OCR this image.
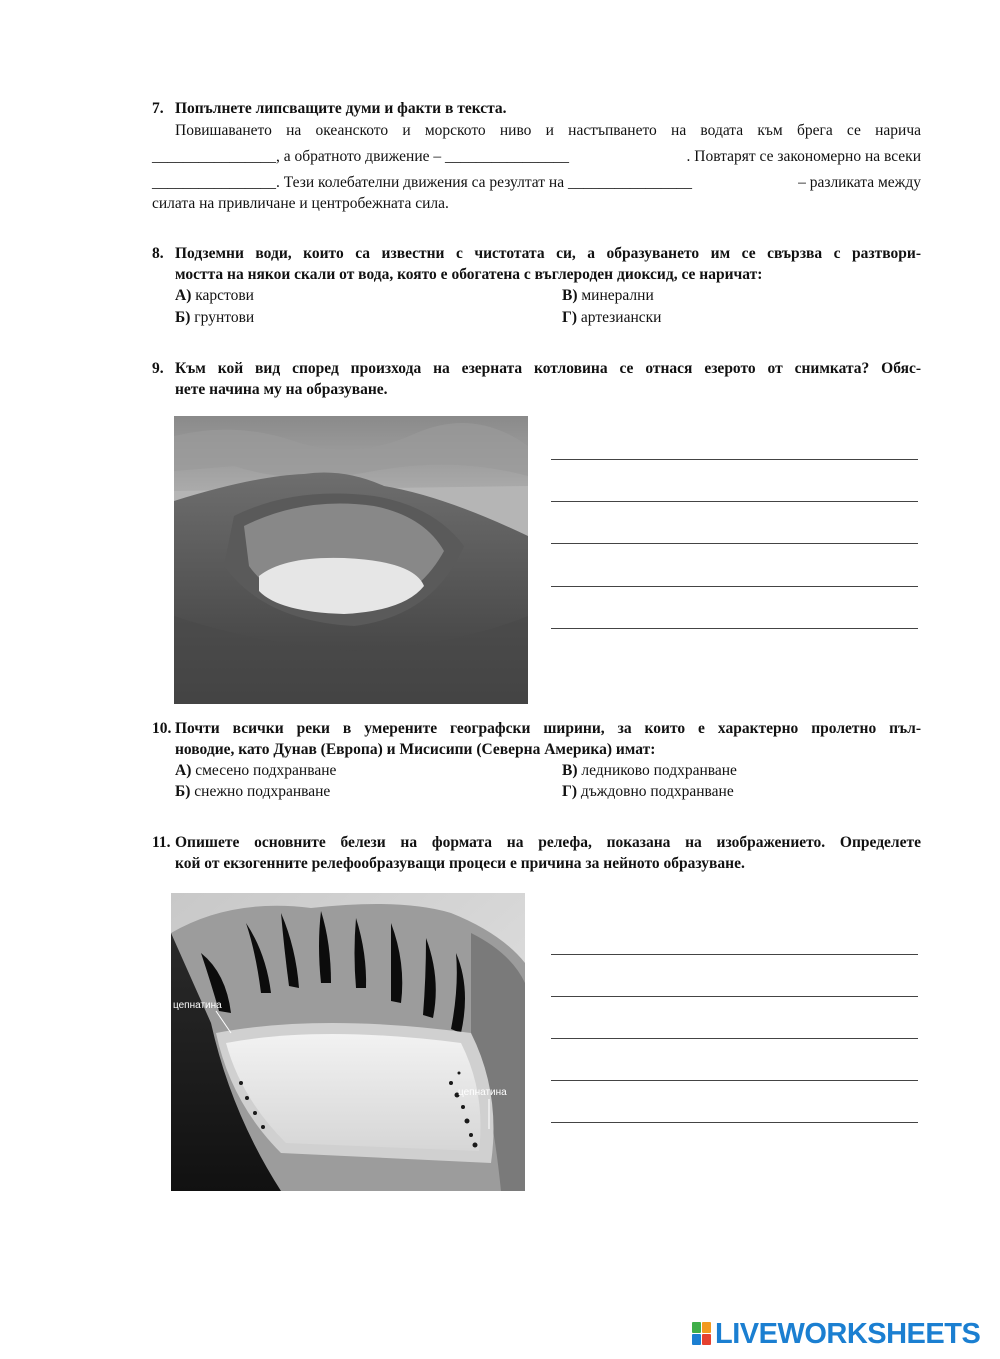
7. Попълнете липсващите думи и факти в текста.
Повишаването на океанското и морското ниво и настъпването на водата към брега се нарича
________________, а обратното движение – ________________	. Повтарят се закономерно на всеки
________________. Тези колебателни движения са резултат на ________________	– разликата между
силата на привличане и центробежната сила.
8. Подземни води, които са известни с чистотата си, а образуването им се свързва с разтвори-
мостта на някои скали от вода, която е обогатена с въглероден диоксид, се наричат:
А) карстови
Б) грунтови
В) минерални
Г) артезиански
9. Към кой вид според произхода на езерната котловина се отнася езерото от снимката? Обяс-
нете начина му на образуване.
10. Почти всички реки в умерените географски ширини, за които е характерно пролетно пъл-
новодие, като Дунав (Европа) и Мисисипи (Северна Америка) имат:
А) смесено подхранване
Б) снежно подхранване
В) ледниково подхранване
Г) дъждовно подхранване
11. Опишете основните белези на формата на релефа, показана на изображението. Определете
кой от екзогенните релефообразуващи процеси е причина за нейното образуване.
цепнатина
цепнатина
LIVEWORKSHEETS
